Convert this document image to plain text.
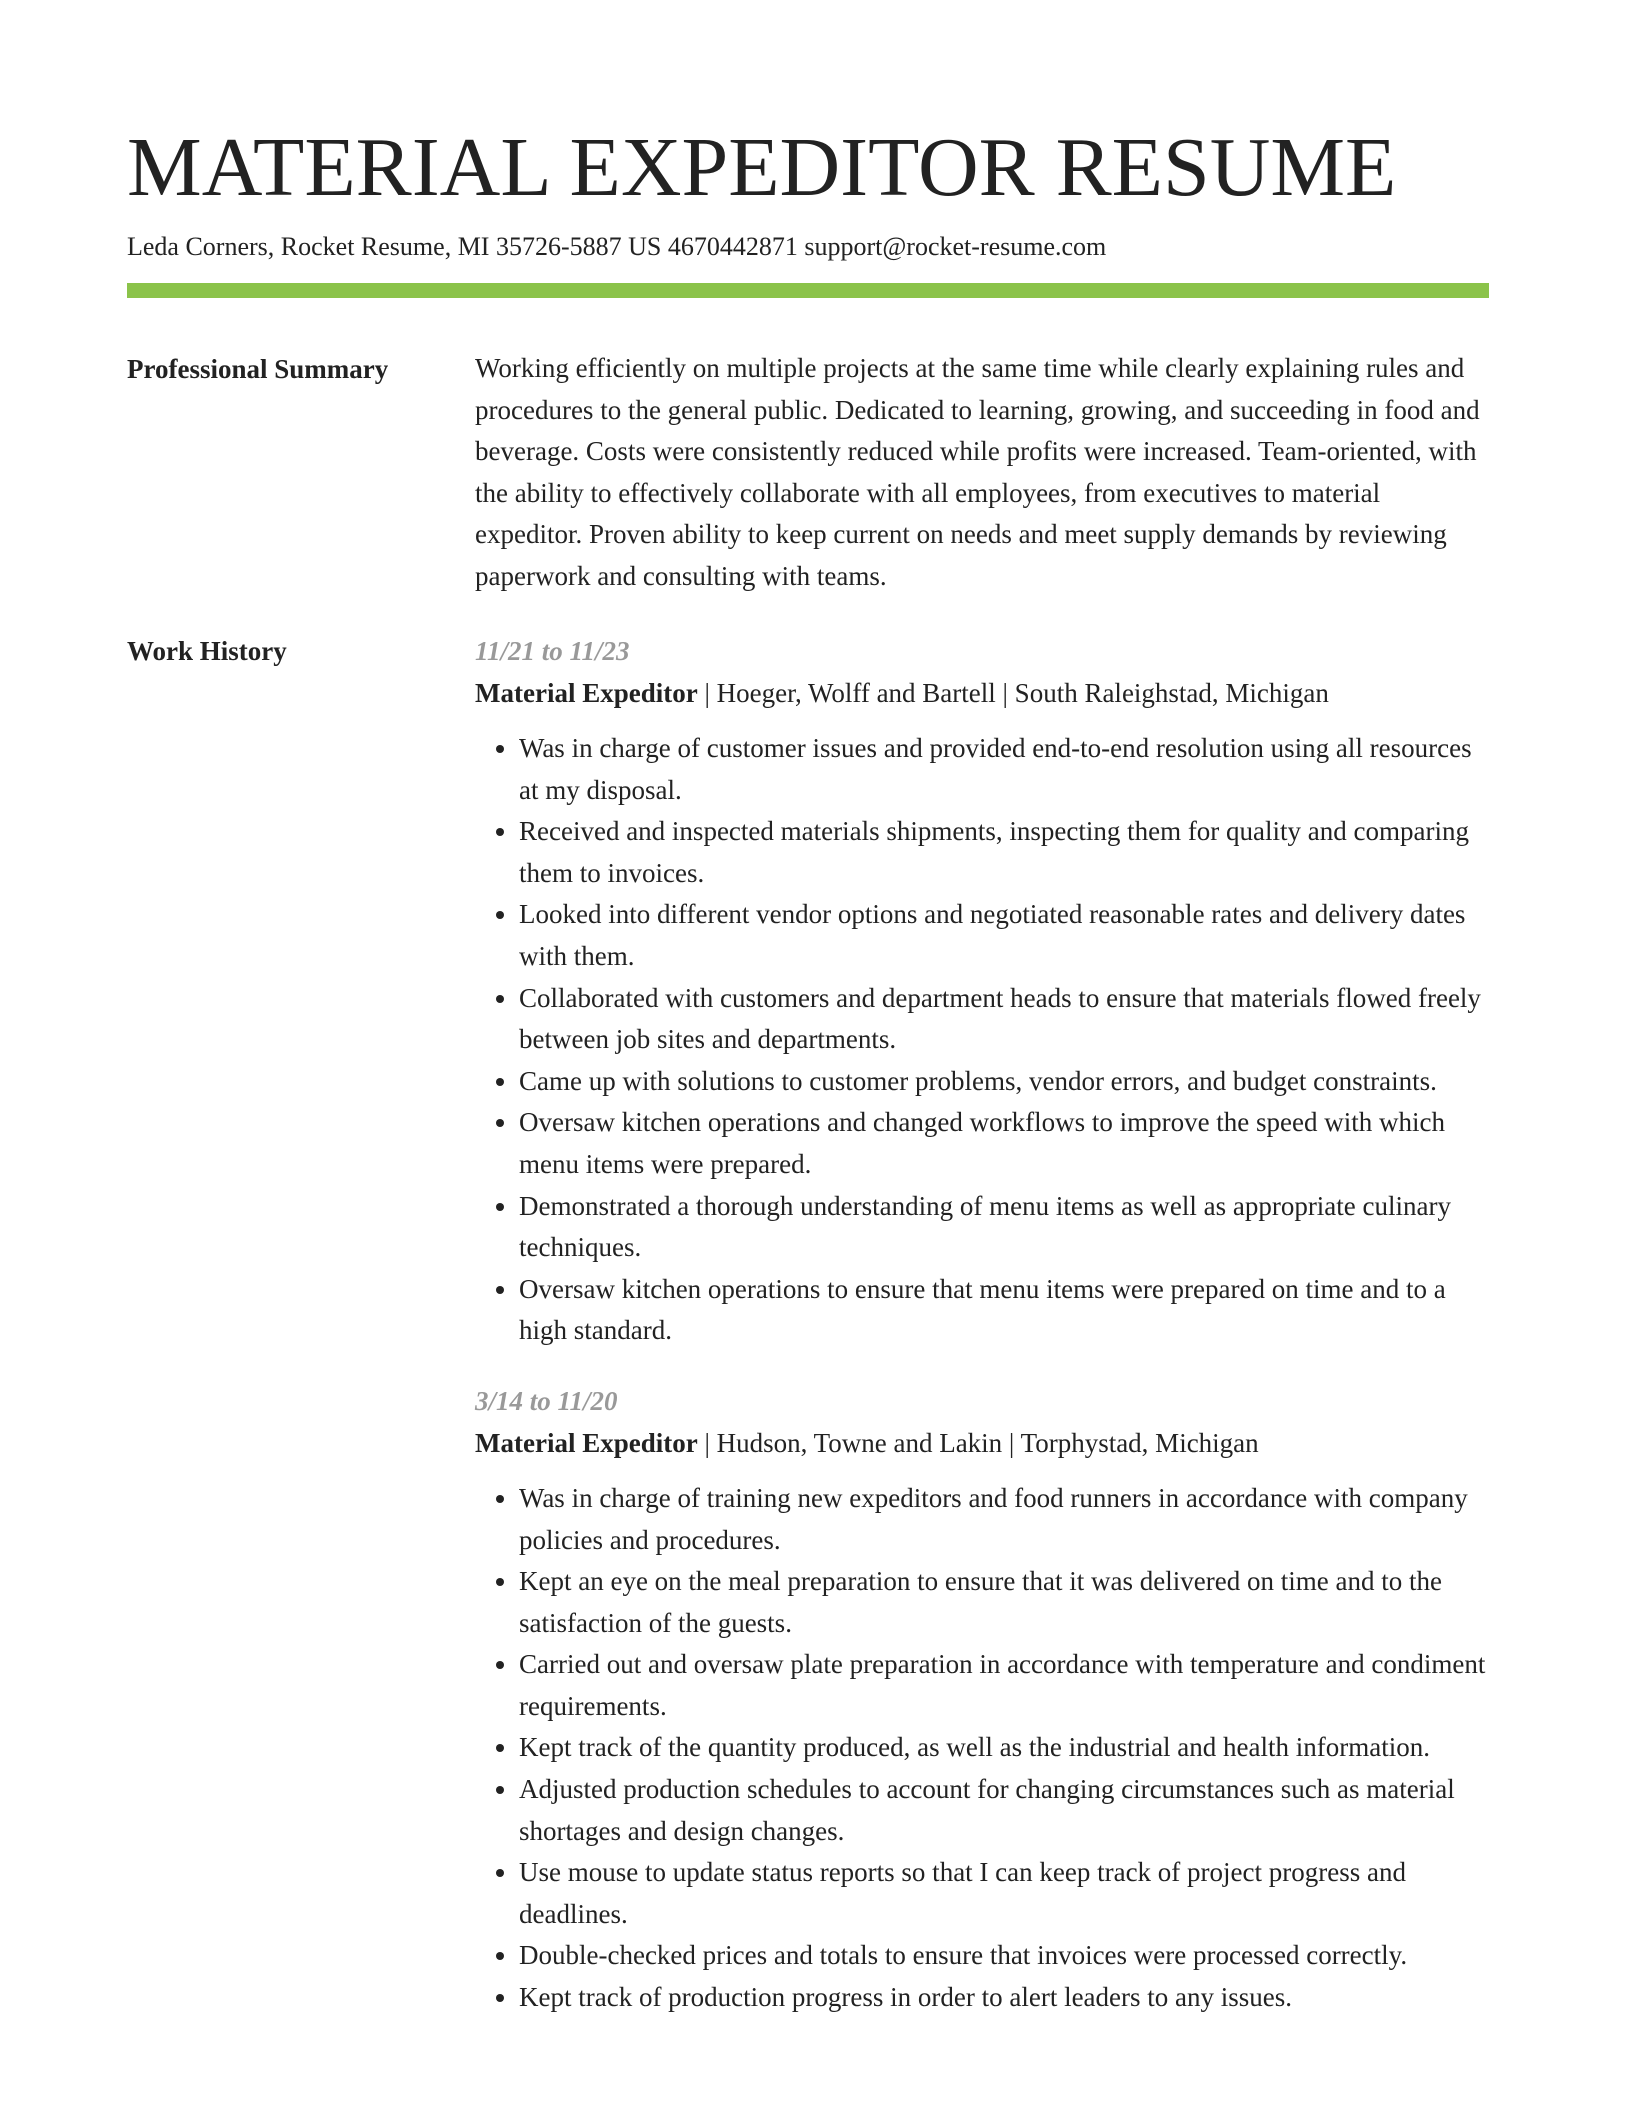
MATERIAL EXPEDITOR RESUME
Leda Corners, Rocket Resume, MI 35726-5887 US 4670442871 support@rocket-resume.com
Professional Summary	Working efficiently on multiple projects at the same time while clearly explaining rules and procedures to the general public. Dedicated to learning, growing, and succeeding in food and beverage. Costs were consistently reduced while profits were increased. Team-oriented, with the ability to effectively collaborate with all employees, from executives to material expeditor. Proven ability to keep current on needs and meet supply demands by reviewing paperwork and consulting with teams.

Work History	11/21 to 11/23
Material Expeditor | Hoeger, Wolff and Bartell | South Raleighstad, Michigan
• Was in charge of customer issues and provided end-to-end resolution using all resources at my disposal.
• Received and inspected materials shipments, inspecting them for quality and comparing them to invoices.
• Looked into different vendor options and negotiated reasonable rates and delivery dates with them.
• Collaborated with customers and department heads to ensure that materials flowed freely between job sites and departments.
• Came up with solutions to customer problems, vendor errors, and budget constraints.
• Oversaw kitchen operations and changed workflows to improve the speed with which menu items were prepared.
• Demonstrated a thorough understanding of menu items as well as appropriate culinary techniques.
• Oversaw kitchen operations to ensure that menu items were prepared on time and to a high standard.
3/14 to 11/20
Material Expeditor | Hudson, Towne and Lakin | Torphystad, Michigan
• Was in charge of training new expeditors and food runners in accordance with company policies and procedures.
• Kept an eye on the meal preparation to ensure that it was delivered on time and to the satisfaction of the guests.
• Carried out and oversaw plate preparation in accordance with temperature and condiment requirements.
• Kept track of the quantity produced, as well as the industrial and health information.
• Adjusted production schedules to account for changing circumstances such as material shortages and design changes.
• Use mouse to update status reports so that I can keep track of project progress and deadlines.
• Double-checked prices and totals to ensure that invoices were processed correctly.
• Kept track of production progress in order to alert leaders to any issues.
